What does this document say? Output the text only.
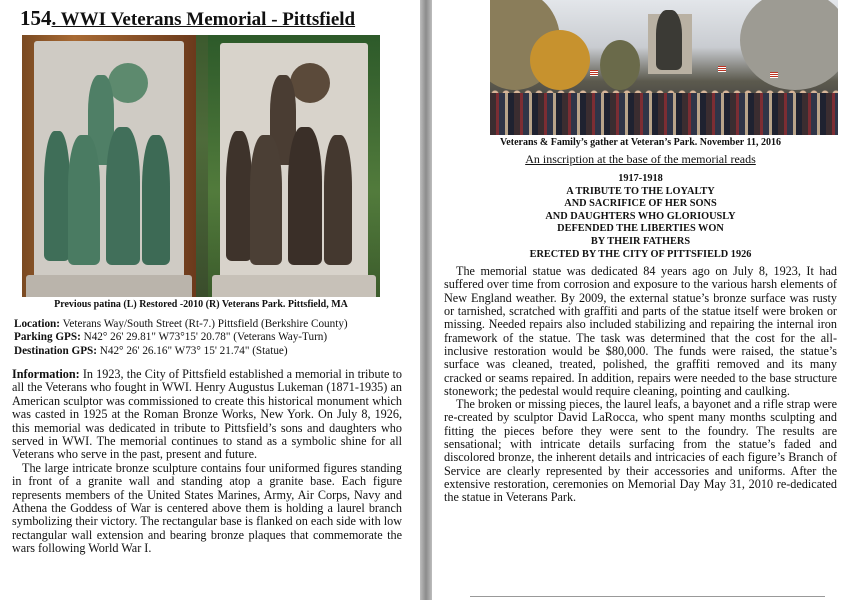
154. WWI Veterans Memorial - Pittsfield
Previous patina (L) Restored -2010 (R) Veterans Park. Pittsfield, MA

Location: Veterans Way/South Street (Rt-7.) Pittsfield (Berkshire County)

Parking GPS: N42° 26' 29.81" W73°15' 20.78" (Veterans Way-Turn)

Destination GPS: N42° 26' 26.16" W73° 15' 21.74" (Statue)

Information: In 1923, the City of Pittsfield established a memorial in tribute to all the Veterans who fought in WWI. Henry Augustus Lukeman (1871-1935) an American sculptor was commissioned to create this historical monument which was casted in 1925 at the Roman Bronze Works, New York. On July 8, 1926, this memorial was dedicated in tribute to Pittsfield’s sons and daughters who served in WWI. The memorial continues to stand as a symbolic shine for all Veterans who serve in the past, present and future.

The large intricate bronze sculpture contains four uniformed figures standing in front of a granite wall and standing atop a granite base. Each figure represents members of the United States Marines, Army, Air Corps, Navy and Athena the Goddess of War is centered above them is holding a laurel branch symbolizing their victory. The rectangular base is flanked on each side with low rectangular wall extension and bearing bronze plaques that commemorate the wars following World War I.

Veterans & Family’s gather at Veteran’s Park. November 11, 2016
An inscription at the base of the memorial reads
1917-1918
A TRIBUTE TO THE LOYALTY
AND SACRIFICE OF HER SONS
AND DAUGHTERS WHO GLORIOUSLY
DEFENDED THE LIBERTIES WON
BY THEIR FATHERS
ERECTED BY THE CITY OF PITTSFIELD 1926

The memorial statue was dedicated 84 years ago on July 8, 1923, It had suffered over time from corrosion and exposure to the various harsh elements of New England weather. By 2009, the external statue’s bronze surface was rusty or tarnished, scratched with graffiti and parts of the statue itself were broken or missing. Needed repairs also included stabilizing and repairing the internal iron framework of the statue. The task was determined that the cost for the all-inclusive restoration would be $80,000. The funds were raised, the statue’s surface was cleaned, treated, polished, the graffiti removed and its many cracked or seams repaired. In addition, repairs were needed to the base structure stonework; the pedestal would require cleaning, pointing and caulking.

The broken or missing pieces, the laurel leafs, a bayonet and a rifle strap were re-created by sculptor David LaRocca, who spent many months sculpting and fitting the pieces before they were sent to the foundry. The results are sensational; with intricate details surfacing from the statue’s faded and discolored bronze, the inherent details and intricacies of each figure’s Branch of Service are clearly represented by their accessories and uniforms. After the extensive restoration, ceremonies on Memorial Day May 31, 2010 re-dedicated the statue in Veterans Park.
